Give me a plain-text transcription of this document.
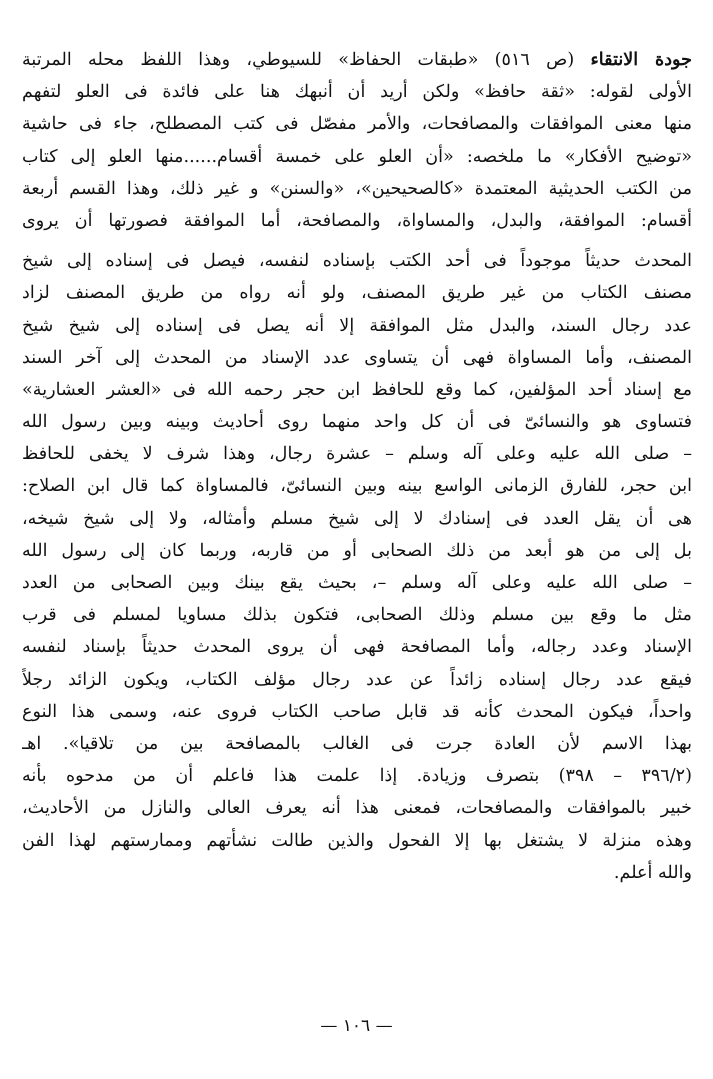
جودة الانتقاء (ص ٥١٦) «طبقات الحفاظ» للسيوطي، وهذا اللفظ محله المرتبة
الأولى لقوله: «ثقة حافظ» ولكن أريد أن أنبهك هنا على فائدة فى العلو لتفهم
منها معنى الموافقات والمصافحات، والأمر مفصّل فى كتب المصطلح، جاء فى حاشية
«توضيح الأفكار» ما ملخصه: «أن العلو على خمسة أقسام......منها العلو إلى كتاب
من الكتب الحديثية المعتمدة «كالصحيحين»، «والسنن» و غير ذلك، وهذا القسم أربعة
أقسام: الموافقة، والبدل، والمساواة، والمصافحة، أما الموافقة فصورتها أن يروى
المحدث حديثاً موجوداً فى أحد الكتب بإسناده لنفسه، فيصل فى إسناده إلى شيخ
مصنف الكتاب من غير طريق المصنف، ولو أنه رواه من طريق المصنف لزاد
عدد رجال السند، والبدل مثل الموافقة إلا أنه يصل فى إسناده إلى شيخ شيخ
المصنف، وأما المساواة فهى أن يتساوى عدد الإسناد من المحدث إلى آخر السند
مع إسناد أحد المؤلفين، كما وقع للحافظ ابن حجر رحمه الله فى «العشر العشارية»
فتساوى هو والنسائىّ فى أن كل واحد منهما روى أحاديث وبينه وبين رسول الله
– صلى الله عليه وعلى آله وسلم – عشرة رجال، وهذا شرف لا يخفى للحافظ
ابن حجر، للفارق الزمانى الواسع بينه وبين النسائىّ، فالمساواة كما قال ابن الصلاح:
هى أن يقل العدد فى إسنادك لا إلى شيخ مسلم وأمثاله، ولا إلى شيخ شيخه،
بل إلى من هو أبعد من ذلك الصحابى أو من قاربه، وربما كان إلى رسول الله
– صلى الله عليه وعلى آله وسلم –، بحيث يقع بينك وبين الصحابى من العدد
مثل ما وقع بين مسلم وذلك الصحابى، فتكون بذلك مساويا لمسلم فى قرب
الإسناد وعدد رجاله، وأما المصافحة فهى أن يروى المحدث حديثاً بإسناد لنفسه
فيقع عدد رجال إسناده زائداً عن عدد رجال مؤلف الكتاب، ويكون الزائد رجلاً
واحداً، فيكون المحدث كأنه قد قابل صاحب الكتاب فروى عنه، وسمى هذا النوع
بهذا الاسم لأن العادة جرت فى الغالب بالمصافحة بين من تلاقيا». اهـ
(٣٩٦/٢ – ٣٩٨) بتصرف وزيادة. إذا علمت هذا فاعلم أن من مدحوه بأنه
خبير بالموافقات والمصافحات، فمعنى هذا أنه يعرف العالى والنازل من الأحاديث،
وهذه منزلة لا يشتغل بها إلا الفحول والذين طالت نشأتهم وممارستهم لهذا الفن
والله أعلم.
— ١٠٦ —
